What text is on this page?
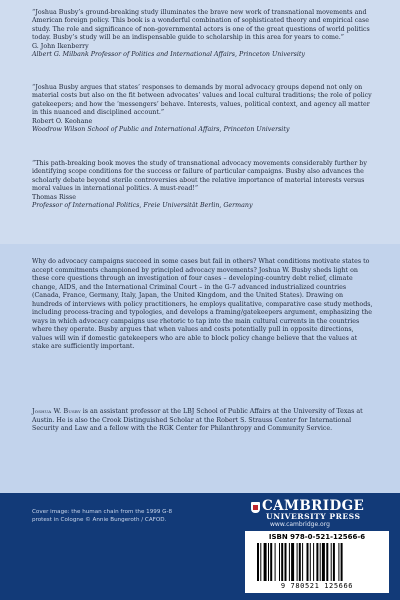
“Joshua Busby’s ground-breaking study illuminates the brave new work of transnational movements and American foreign policy. This book is a wonderful combination of sophisticated theory and empirical case study. The role and significance of non-governmental actors is one of the great questions of world politics today. Busby’s study will be an indispensable guide to scholarship in this area for years to come.”

G. John Ikenberry
Albert G. Milbank Professor of Politics and International Affairs, Princeton University

“Joshua Busby argues that states’ responses to demands by moral advocacy groups depend not only on material costs but also on the fit between advocates’ values and local cultural traditions; the role of policy gatekeepers; and how the ‘messengers’ behave. Interests, values, political context, and agency all matter in this nuanced and disciplined account.”

Robert O. Keohane
Woodrow Wilson School of Public and International Affairs, Princeton University

“This path-breaking book moves the study of transnational advocacy movements considerably further by identifying scope conditions for the success or failure of particular campaigns. Busby also advances the scholarly debate beyond sterile controversies about the relative importance of material interests versus moral values in international politics. A must-read!”

Thomas Risse
Professor of International Politics, Freie Universität Berlin, Germany
Why do advocacy campaigns succeed in some cases but fail in others? What conditions motivate states to accept commitments championed by principled advocacy movements? Joshua W. Busby sheds light on these core questions through an investigation of four cases – developing-country debt relief, climate change, AIDS, and the International Criminal Court – in the G-7 advanced industrialized countries (Canada, France, Germany, Italy, Japan, the United Kingdom, and the United States). Drawing on hundreds of interviews with policy practitioners, he employs qualitative, comparative case study methods, including process-tracing and typologies, and develops a framing/gatekeepers argument, emphasizing the ways in which advocacy campaigns use rhetoric to tap into the main cultural currents in the countries where they operate. Busby argues that when values and costs potentially pull in opposite directions, values will win if domestic gatekeepers who are able to block policy change believe that the values at stake are sufficiently important.
Joshua W. Busby is an assistant professor at the LBJ School of Public Affairs at the University of Texas at Austin. He is also the Crook Distinguished Scholar at the Robert S. Strauss Center for International Security and Law and a fellow with the RGK Center for Philanthropy and Community Service.
Cover image: the human chain from the 1999 G-8 protest in Cologne © Annie Bungeroth / CAFOD.
CAMBRIDGE
UNIVERSITY PRESS
www.cambridge.org
ISBN 978-0-521-12566-6
9 780521 125666
